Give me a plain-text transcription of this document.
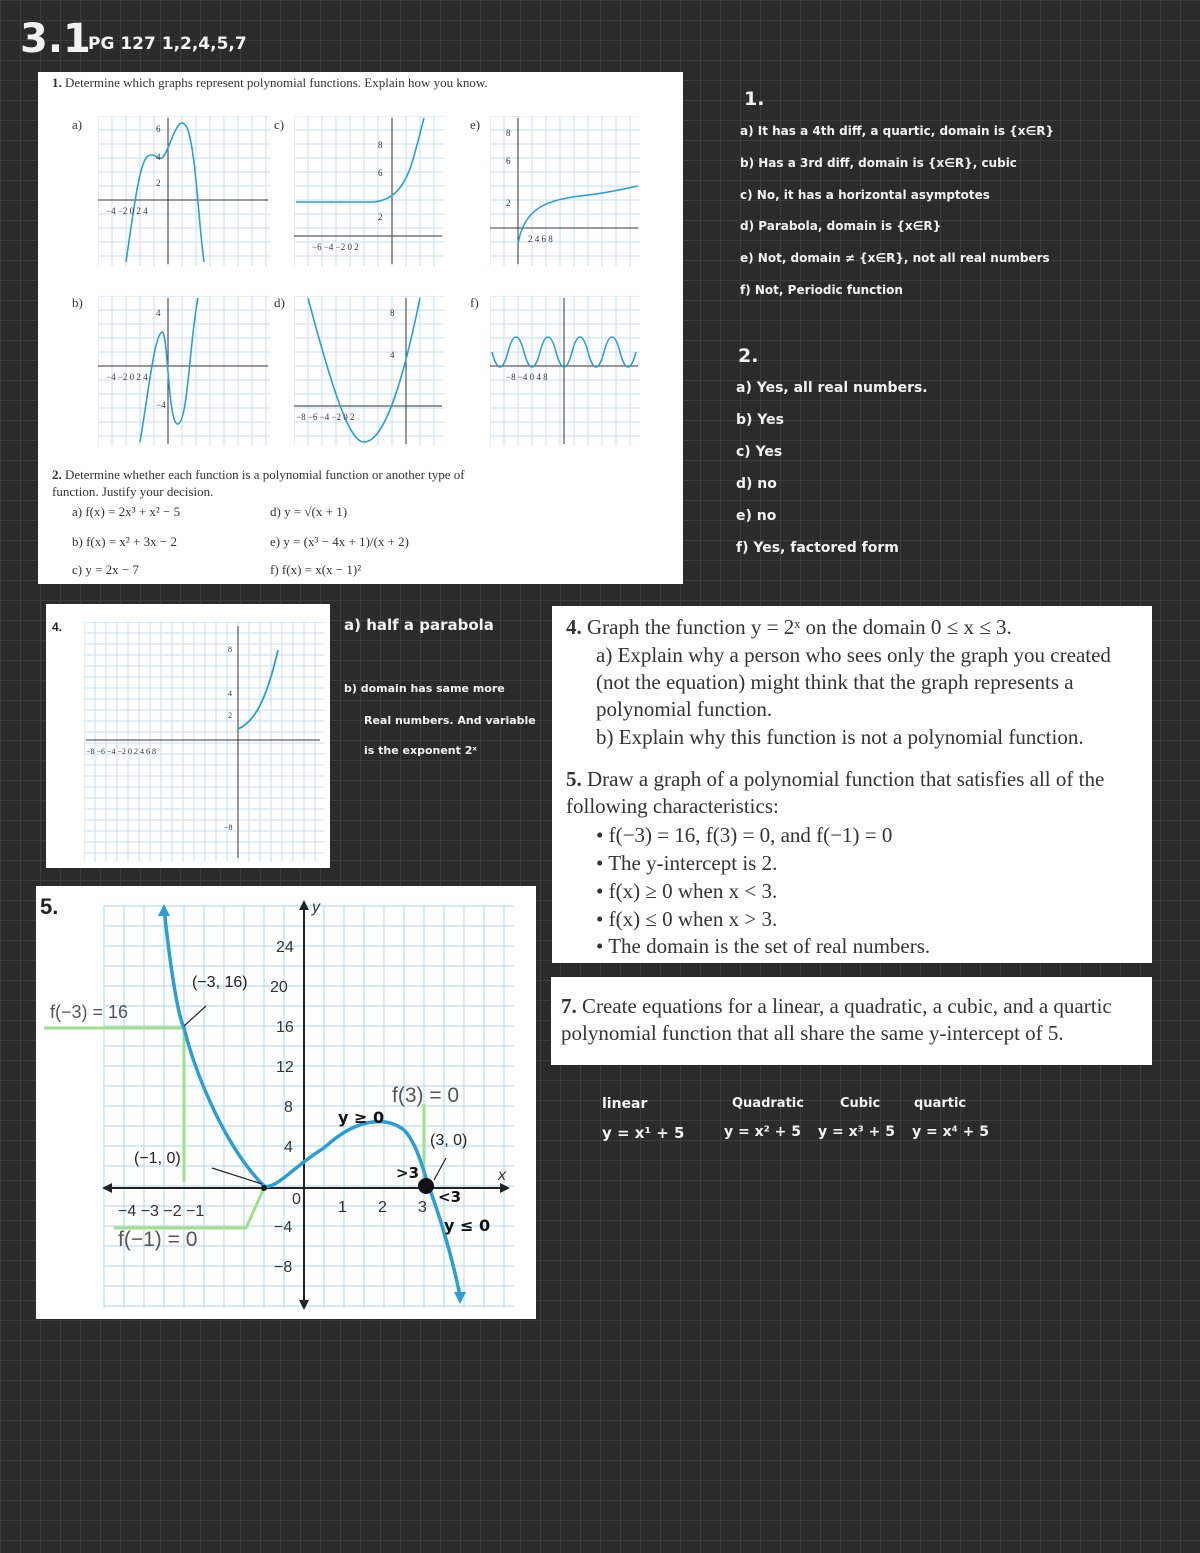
3.1
PG 127 1,2,4,5,7
1. Determine which graphs represent polynomial functions. Explain how you know.
a)
b)
c)
d)
e)
f)
−4 −2 0 2 4
6
4
2
−4 −2 0 2 4
4
−4
−6 −4 −2 0 2
8
6
2
−8 −6 −4 −2 0 2
8
4
2 4 6 8
8
6
2
−8 −4 0 4 8
2. Determine whether each function is a polynomial function or another type of function. Justify your decision.
a) f(x) = 2x³ + x² − 5
b) f(x) = x² + 3x − 2
c) y = 2x − 7
d) y = √(x + 1)
e) y = (x³ − 4x + 1)/(x + 2)
f) f(x) = x(x − 1)²
1.
a) It has a 4th diff, a quartic, domain is {x∈R}
b) Has a 3rd diff, domain is {x∈R}, cubic
c) No, it has a horizontal asymptotes
d) Parabola, domain is {x∈R}
e) Not, domain ≠ {x∈R}, not all real numbers
f) Not, Periodic function
2.
a) Yes, all real numbers.
b) Yes
c) Yes
d) no
e) no
f) Yes, factored form
4.
−8 −6 −4 −2 0 2 4 6 8
8
4
2
−8
a) half a parabola
b) domain has same more
Real numbers. And variable
is the exponent 2ˣ
4. Graph the function y = 2ˣ on the domain 0 ≤ x ≤ 3.
a) Explain why a person who sees only the graph you created (not the equation) might think that the graph represents a polynomial function.
b) Explain why this function is not a polynomial function.
5. Draw a graph of a polynomial function that satisfies all of the following characteristics:
• f(−3) = 16, f(3) = 0, and f(−1) = 0
• The y-intercept is 2.
• f(x) ≥ 0 when x < 3.
• f(x) ≤ 0 when x > 3.
• The domain is the set of real numbers.
7. Create equations for a linear, a quadratic, a cubic, and a quartic polynomial function that all share the same y-intercept of 5.
linear
y = x¹ + 5
Quadratic
y = x² + 5
Cubic
y = x³ + 5
quartic
y = x⁴ + 5
5.
24
20
16
12
8
4
−4
−8
−4 −3 −2 −1	1 2 3
y
x
0
f(−3) = 16
(−3, 16)
(−1, 0)
f(−1) = 0
f(3) = 0
(3, 0)
y ≥ 0
>3
<3
y ≤ 0
